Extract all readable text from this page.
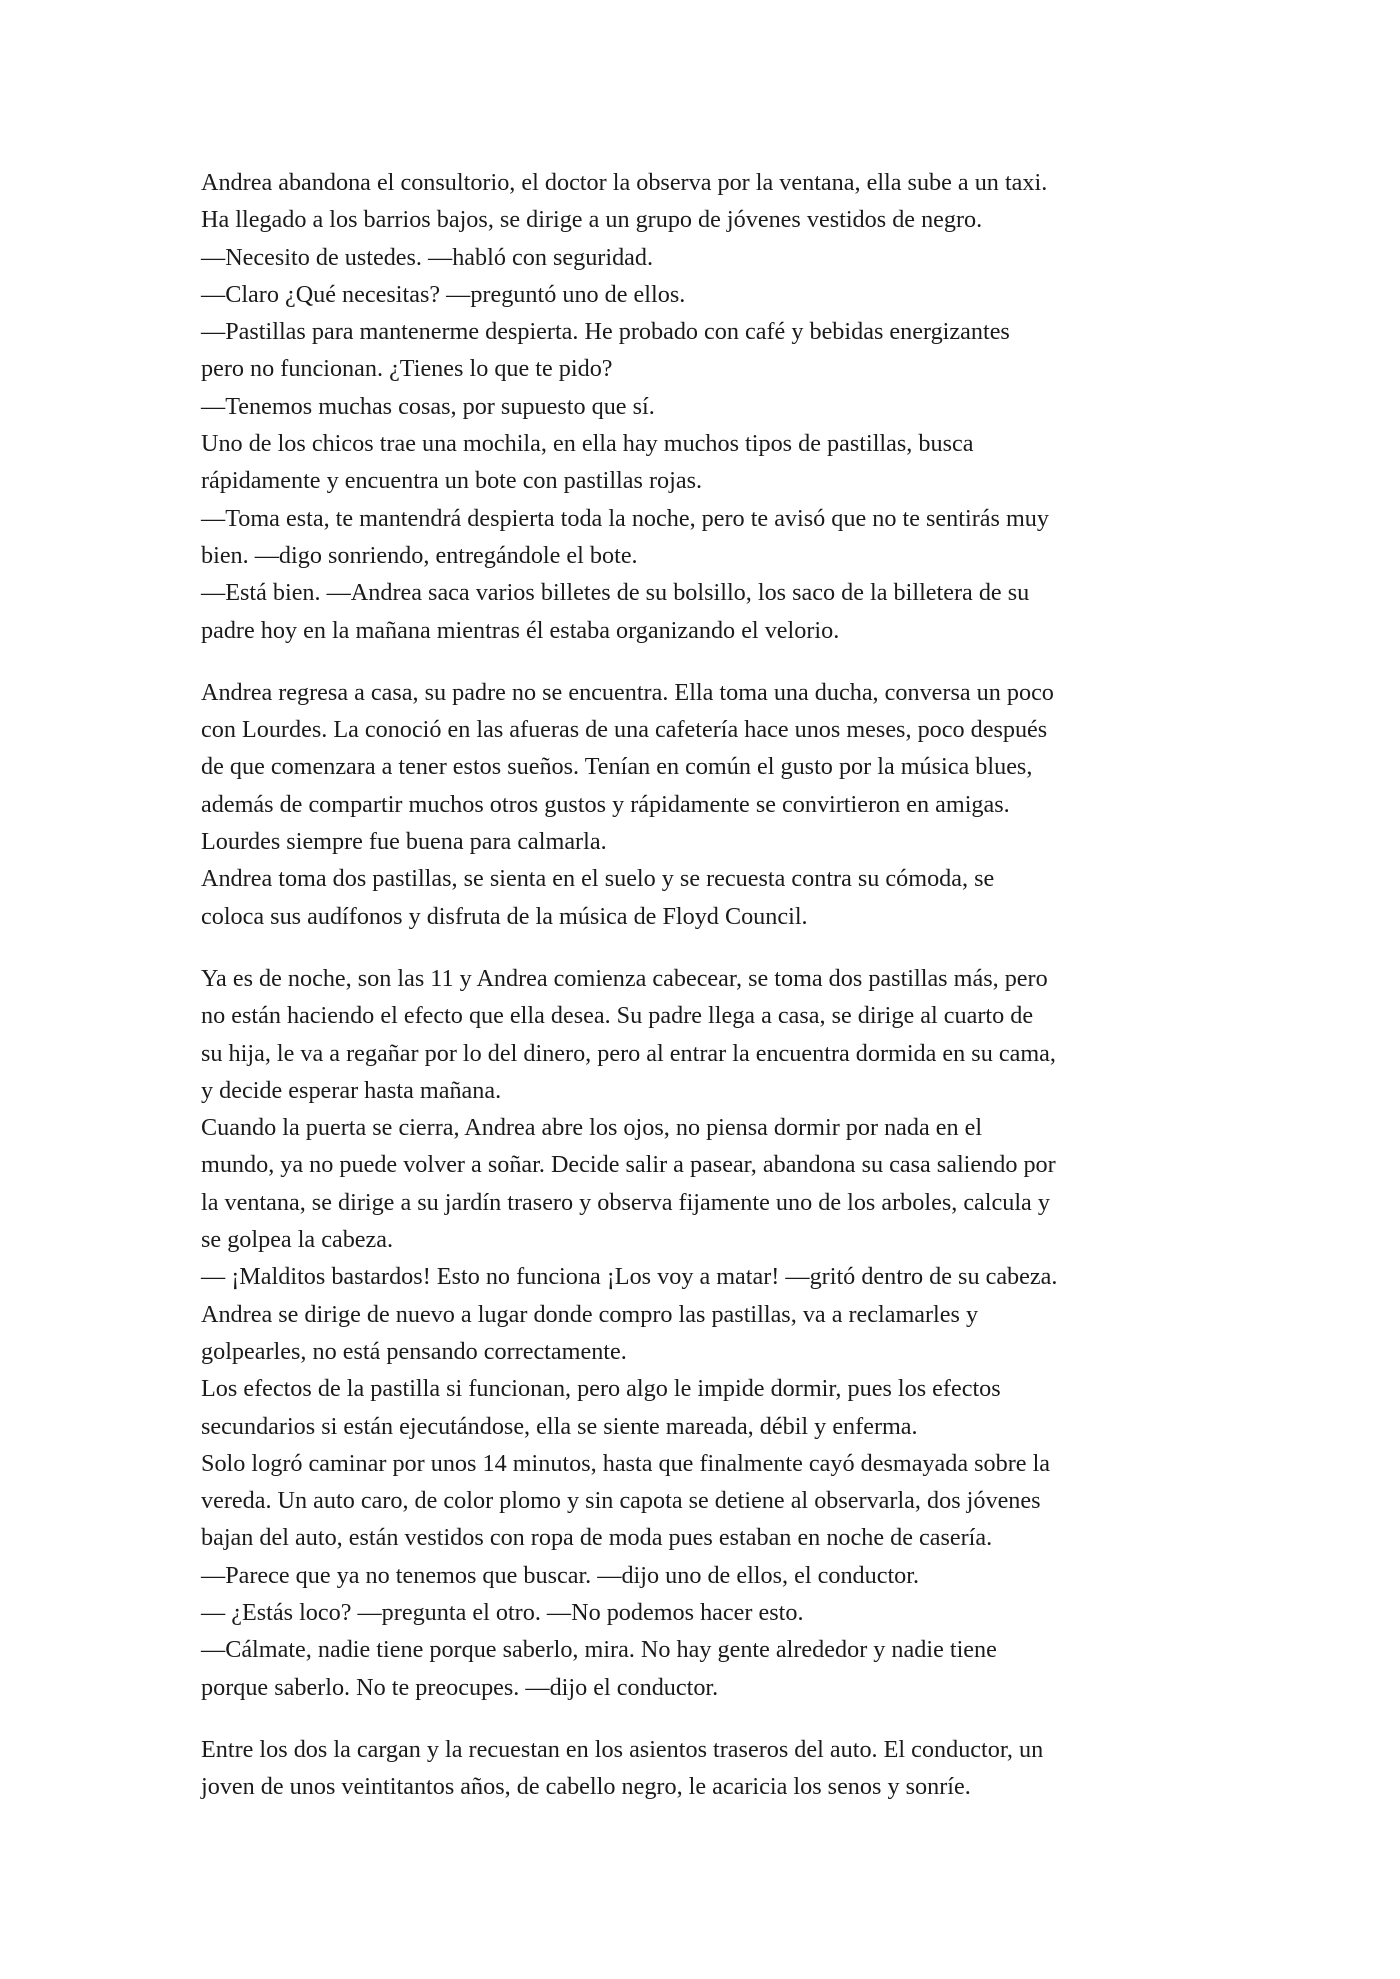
Andrea abandona el consultorio, el doctor la observa por la ventana, ella sube a un taxi.
Ha llegado a los barrios bajos, se dirige a un grupo de jóvenes vestidos de negro.
—Necesito de ustedes. —habló con seguridad.
—Claro ¿Qué necesitas? —preguntó uno de ellos.
—Pastillas para mantenerme despierta. He probado con café y bebidas energizantes
pero no funcionan. ¿Tienes lo que te pido?
—Tenemos muchas cosas, por supuesto que sí.
Uno de los chicos trae una mochila, en ella hay muchos tipos de pastillas, busca
rápidamente y encuentra un bote con pastillas rojas.
—Toma esta, te mantendrá despierta toda la noche, pero te avisó que no te sentirás muy
bien. —digo sonriendo, entregándole el bote.
—Está bien. —Andrea saca varios billetes de su bolsillo, los saco de la billetera de su
padre hoy en la mañana mientras él estaba organizando el velorio.
Andrea regresa a casa, su padre no se encuentra. Ella toma una ducha, conversa un poco
con Lourdes. La conoció en las afueras de una cafetería hace unos meses, poco después
de que comenzara a tener estos sueños. Tenían en común el gusto por la música blues,
además de compartir muchos otros gustos y rápidamente se convirtieron en amigas.
Lourdes siempre fue buena para calmarla.
Andrea toma dos pastillas, se sienta en el suelo y se recuesta contra su cómoda, se
coloca sus audífonos y disfruta de la música de Floyd Council.
Ya es de noche, son las 11 y Andrea comienza cabecear, se toma dos pastillas más, pero
no están haciendo el efecto que ella desea. Su padre llega a casa, se dirige al cuarto de
su hija, le va a regañar por lo del dinero, pero al entrar la encuentra dormida en su cama,
y decide esperar hasta mañana.
Cuando la puerta se cierra, Andrea abre los ojos, no piensa dormir por nada en el
mundo, ya no puede volver a soñar. Decide salir a pasear, abandona su casa saliendo por
la ventana, se dirige a su jardín trasero y observa fijamente uno de los arboles, calcula y
se golpea la cabeza.
— ¡Malditos bastardos! Esto no funciona ¡Los voy a matar! —gritó dentro de su cabeza.
Andrea se dirige de nuevo a lugar donde compro las pastillas, va a reclamarles y
golpearles, no está pensando correctamente.
Los efectos de la pastilla si funcionan, pero algo le impide dormir, pues los efectos
secundarios si están ejecutándose, ella se siente mareada, débil y enferma.
Solo logró caminar por unos 14 minutos, hasta que finalmente cayó desmayada sobre la
vereda. Un auto caro, de color plomo y sin capota se detiene al observarla, dos jóvenes
bajan del auto, están vestidos con ropa de moda pues estaban en noche de casería.
—Parece que ya no tenemos que buscar. —dijo uno de ellos, el conductor.
— ¿Estás loco? —pregunta el otro. —No podemos hacer esto.
—Cálmate, nadie tiene porque saberlo, mira. No hay gente alrededor y nadie tiene
porque saberlo. No te preocupes. —dijo el conductor.
Entre los dos la cargan y la recuestan en los asientos traseros del auto. El conductor, un
joven de unos veintitantos años, de cabello negro, le acaricia los senos y sonríe.
